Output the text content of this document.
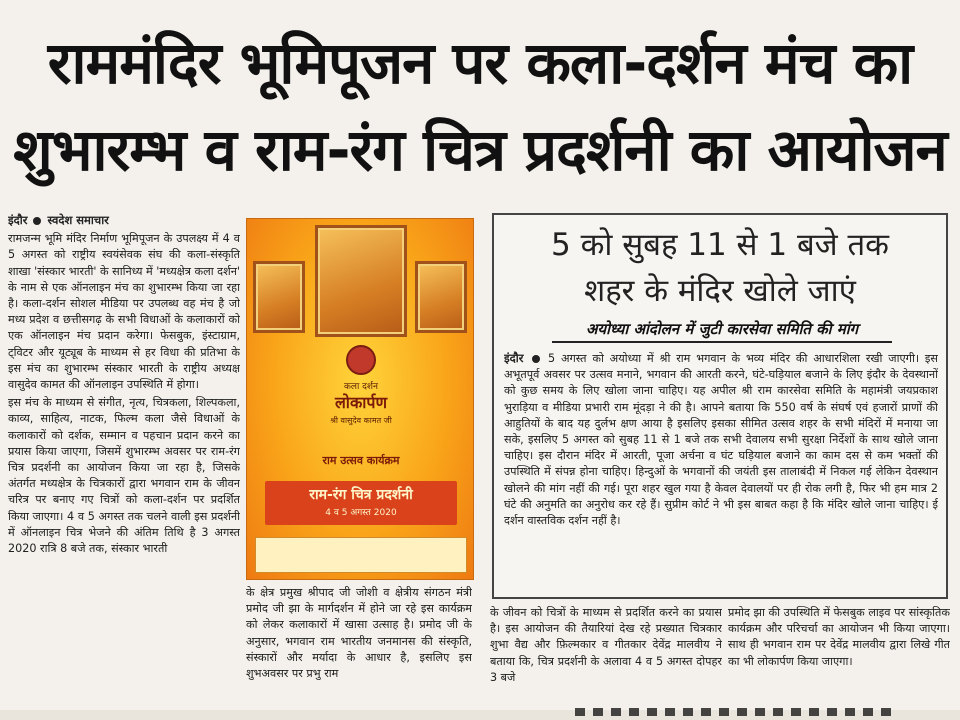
राममंदिर भूमिपूजन पर कला-दर्शन मंच का
शुभारम्भ व राम-रंग चित्र प्रदर्शनी का आयोजन

इंदौर स्वदेश समाचार

रामजन्म भूमि मंदिर निर्माण भूमिपूजन के उपलक्ष्य में 4 व 5 अगस्त को राष्ट्रीय स्वयंसेवक संघ की कला-संस्कृति शाखा 'संस्कार भारती' के सानिध्य में 'मध्यक्षेत्र कला दर्शन' के नाम से एक ऑनलाइन मंच का शुभारम्भ किया जा रहा है। कला-दर्शन सोशल मीडिया पर उपलब्ध वह मंच है जो मध्य प्रदेश व छत्तीसगढ़ के सभी विधाओं के कलाकारों को एक ऑनलाइन मंच प्रदान करेगा। फेसबुक, इंस्टाग्राम, ट्विटर और यूट्यूब के माध्यम से हर विधा की प्रतिभा के इस मंच का शुभारम्भ संस्कार भारती के राष्ट्रीय अध्यक्ष वासुदेव कामत की ऑनलाइन उपस्थिति में होगा।

इस मंच के माध्यम से संगीत, नृत्य, चित्रकला, शिल्पकला, काव्य, साहित्य, नाटक, फिल्म कला जैसे विधाओं के कलाकारों को दर्शक, सम्मान व पहचान प्रदान करने का प्रयास किया जाएगा, जिसमें शुभारम्भ अवसर पर राम-रंग चित्र प्रदर्शनी का आयोजन किया जा रहा है, जिसके अंतर्गत मध्यक्षेत्र के चित्रकारों द्वारा भगवान राम के जीवन चरित्र पर बनाए गए चित्रों को कला-दर्शन पर प्रदर्शित किया जाएगा। 4 व 5 अगस्त तक चलने वाली इस प्रदर्शनी में ऑनलाइन चित्र भेजने की अंतिम तिथि है 3 अगस्त 2020 रात्रि 8 बजे तक, संस्कार भारती

कला दर्शन
लोकार्पण
श्री वासुदेव कामत जी
राम उत्सव कार्यक्रम
राम-रंग चित्र प्रदर्शनी
4 व 5 अगस्त 2020
के क्षेत्र प्रमुख श्रीपाद जी जोशी व क्षेत्रीय संगठन मंत्री प्रमोद जी झा के मार्गदर्शन में होने जा रहे इस कार्यक्रम को लेकर कलाकारों में खासा उत्साह है। प्रमोद जी के अनुसार, भगवान राम भारतीय जनमानस की संस्कृति, संस्कारों और मर्यादा के आधार है, इसलिए इस शुभअवसर पर प्रभु राम
5 को सुबह 11 से 1 बजे तक
शहर के मंदिर खोले जाएं
अयोध्या आंदोलन में जुटी कारसेवा समिति की मांग
इंदौर 5 अगस्त को अयोध्या में श्री राम भगवान के भव्य मंदिर की आधारशिला रखी जाएगी। इस अभूतपूर्व अवसर पर उत्सव मनाने, भगवान की आरती करने, घंटे-घड़ियाल बजाने के लिए इंदौर के देवस्थानों को कुछ समय के लिए खोला जाना चाहिए। यह अपील श्री राम कारसेवा समिति के महामंत्री जयप्रकाश भुराड़िया व मीडिया प्रभारी राम मूंदड़ा ने की है। आपने बताया कि 550 वर्ष के संघर्ष एवं हजारों प्राणों की आहुतियों के बाद यह दुर्लभ क्षण आया है इसलिए इसका सीमित उत्सव शहर के सभी मंदिरों में मनाया जा सके, इसलिए 5 अगस्त को सुबह 11 से 1 बजे तक सभी देवालय सभी सुरक्षा निर्देशों के साथ खोले जाना चाहिए। इस दौरान मंदिर में आरती, पूजा अर्चना व घंट घड़ियाल बजाने का काम दस से कम भक्तों की उपस्थिति में संपन्न होना चाहिए। हिन्दुओं के भगवानों की जयंती इस तालाबंदी में निकल गई लेकिन देवस्थान खोलने की मांग नहीं की गई। पूरा शहर खुल गया है केवल देवालयों पर ही रोक लगी है, फिर भी हम मात्र 2 घंटे की अनुमति का अनुरोध कर रहे हैं। सुप्रीम कोर्ट ने भी इस बाबत कहा है कि मंदिर खोले जाना चाहिए। ई दर्शन वास्तविक दर्शन नहीं है।
के जीवन को चित्रों के माध्यम से प्रदर्शित करने का प्रयास है। इस आयोजन की तैयारियां देख रहे प्रख्यात चित्रकार शुभा वैद्य और फ़िल्मकार व गीतकार देवेंद्र मालवीय ने बताया कि, चित्र प्रदर्शनी के अलावा 4 व 5 अगस्त दोपहर 3 बजे
प्रमोद झा की उपस्थिति में फेसबुक लाइव पर सांस्कृतिक कार्यक्रम और परिचर्चा का आयोजन भी किया जाएगा। साथ ही भगवान राम पर देवेंद्र मालवीय द्वारा लिखे गीत का भी लोकार्पण किया जाएगा।
